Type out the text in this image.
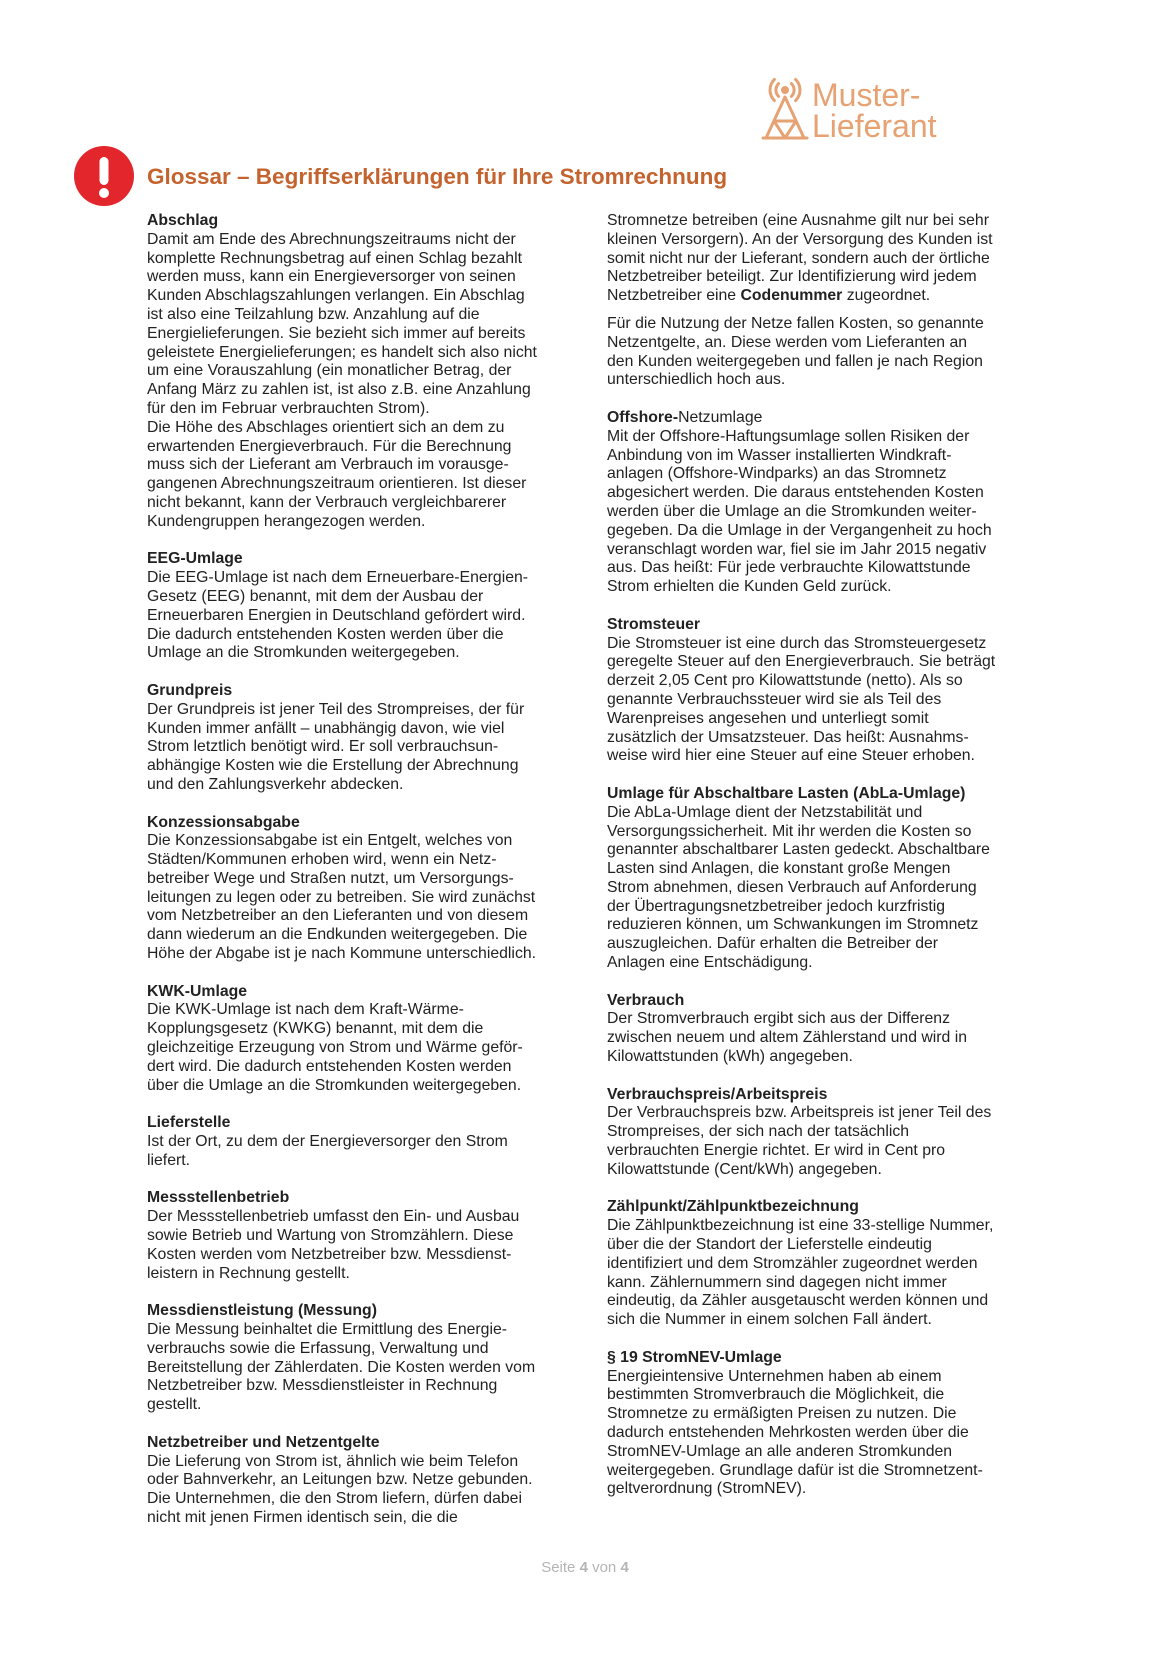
Muster-
Lieferant
Glossar – Begriffserklärungen für Ihre Stromrechnung
Abschlag

Damit am Ende des Abrechnungszeitraums nicht der
komplette Rechnungsbetrag auf einen Schlag bezahlt
werden muss, kann ein Energieversorger von seinen
Kunden Abschlagszahlungen verlangen. Ein Abschlag
ist also eine Teilzahlung bzw. Anzahlung auf die
Energielieferungen. Sie bezieht sich immer auf bereits
geleistete Energielieferungen; es handelt sich also nicht
um eine Vorauszahlung (ein monatlicher Betrag, der
Anfang März zu zahlen ist, ist also z.B. eine Anzahlung
für den im Februar verbrauchten Strom).
Die Höhe des Abschlages orientiert sich an dem zu
erwartenden Energieverbrauch. Für die Berechnung
muss sich der Lieferant am Verbrauch im vorausge-
gangenen Abrechnungszeitraum orientieren. Ist dieser
nicht bekannt, kann der Verbrauch vergleichbarerer
Kundengruppen herangezogen werden.

EEG-Umlage

Die EEG-Umlage ist nach dem Erneuerbare-Energien-
Gesetz (EEG) benannt, mit dem der Ausbau der
Erneuerbaren Energien in Deutschland gefördert wird.
Die dadurch entstehenden Kosten werden über die
Umlage an die Stromkunden weitergegeben.

Grundpreis

Der Grundpreis ist jener Teil des Strompreises, der für
Kunden immer anfällt – unabhängig davon, wie viel
Strom letztlich benötigt wird. Er soll verbrauchsun-
abhängige Kosten wie die Erstellung der Abrechnung
und den Zahlungsverkehr abdecken.

Konzessionsabgabe

Die Konzessionsabgabe ist ein Entgelt, welches von
Städten/Kommunen erhoben wird, wenn ein Netz-
betreiber Wege und Straßen nutzt, um Versorgungs-
leitungen zu legen oder zu betreiben. Sie wird zunächst
vom Netzbetreiber an den Lieferanten und von diesem
dann wiederum an die Endkunden weitergegeben. Die
Höhe der Abgabe ist je nach Kommune unterschiedlich.

KWK-Umlage

Die KWK-Umlage ist nach dem Kraft-Wärme-
Kopplungsgesetz (KWKG) benannt, mit dem die
gleichzeitige Erzeugung von Strom und Wärme geför-
dert wird. Die dadurch entstehenden Kosten werden
über die Umlage an die Stromkunden weitergegeben.

Lieferstelle

Ist der Ort, zu dem der Energieversorger den Strom
liefert.

Messstellenbetrieb

Der Messstellenbetrieb umfasst den Ein- und Ausbau
sowie Betrieb und Wartung von Stromzählern. Diese
Kosten werden vom Netzbetreiber bzw. Messdienst-
leistern in Rechnung gestellt.

Messdienstleistung (Messung)

Die Messung beinhaltet die Ermittlung des Energie-
verbrauchs sowie die Erfassung, Verwaltung und
Bereitstellung der Zählerdaten. Die Kosten werden vom
Netzbetreiber bzw. Messdienstleister in Rechnung
gestellt.

Netzbetreiber und Netzentgelte

Die Lieferung von Strom ist, ähnlich wie beim Telefon
oder Bahnverkehr, an Leitungen bzw. Netze gebunden.
Die Unternehmen, die den Strom liefern, dürfen dabei
nicht mit jenen Firmen identisch sein, die die

Stromnetze betreiben (eine Ausnahme gilt nur bei sehr
kleinen Versorgern). An der Versorgung des Kunden ist
somit nicht nur der Lieferant, sondern auch der örtliche
Netzbetreiber beteiligt. Zur Identifizierung wird jedem
Netzbetreiber eine Codenummer zugeordnet.

Für die Nutzung der Netze fallen Kosten, so genannte
Netzentgelte, an. Diese werden vom Lieferanten an
den Kunden weitergegeben und fallen je nach Region
unterschiedlich hoch aus.

Offshore-Netzumlage

Mit der Offshore-Haftungsumlage sollen Risiken der
Anbindung von im Wasser installierten Windkraft-
anlagen (Offshore-Windparks) an das Stromnetz
abgesichert werden. Die daraus entstehenden Kosten
werden über die Umlage an die Stromkunden weiter-
gegeben. Da die Umlage in der Vergangenheit zu hoch
veranschlagt worden war, fiel sie im Jahr 2015 negativ
aus. Das heißt: Für jede verbrauchte Kilowattstunde
Strom erhielten die Kunden Geld zurück.

Stromsteuer

Die Stromsteuer ist eine durch das Stromsteuergesetz
geregelte Steuer auf den Energieverbrauch. Sie beträgt
derzeit 2,05 Cent pro Kilowattstunde (netto). Als so
genannte Verbrauchssteuer wird sie als Teil des
Warenpreises angesehen und unterliegt somit
zusätzlich der Umsatzsteuer. Das heißt: Ausnahms-
weise wird hier eine Steuer auf eine Steuer erhoben.

Umlage für Abschaltbare Lasten (AbLa-Umlage)

Die AbLa-Umlage dient der Netzstabilität und
Versorgungssicherheit. Mit ihr werden die Kosten so
genannter abschaltbarer Lasten gedeckt. Abschaltbare
Lasten sind Anlagen, die konstant große Mengen
Strom abnehmen, diesen Verbrauch auf Anforderung
der Übertragungsnetzbetreiber jedoch kurzfristig
reduzieren können, um Schwankungen im Stromnetz
auszugleichen. Dafür erhalten die Betreiber der
Anlagen eine Entschädigung.

Verbrauch

Der Stromverbrauch ergibt sich aus der Differenz
zwischen neuem und altem Zählerstand und wird in
Kilowattstunden (kWh) angegeben.

Verbrauchspreis/Arbeitspreis

Der Verbrauchspreis bzw. Arbeitspreis ist jener Teil des
Strompreises, der sich nach der tatsächlich
verbrauchten Energie richtet. Er wird in Cent pro
Kilowattstunde (Cent/kWh) angegeben.

Zählpunkt/Zählpunktbezeichnung

Die Zählpunktbezeichnung ist eine 33-stellige Nummer,
über die der Standort der Lieferstelle eindeutig
identifiziert und dem Stromzähler zugeordnet werden
kann. Zählernummern sind dagegen nicht immer
eindeutig, da Zähler ausgetauscht werden können und
sich die Nummer in einem solchen Fall ändert.

§ 19 StromNEV-Umlage

Energieintensive Unternehmen haben ab einem
bestimmten Stromverbrauch die Möglichkeit, die
Stromnetze zu ermäßigten Preisen zu nutzen. Die
dadurch entstehenden Mehrkosten werden über die
StromNEV-Umlage an alle anderen Stromkunden
weitergegeben. Grundlage dafür ist die Stromnetzent-
geltverordnung (StromNEV).

Seite 4 von 4
